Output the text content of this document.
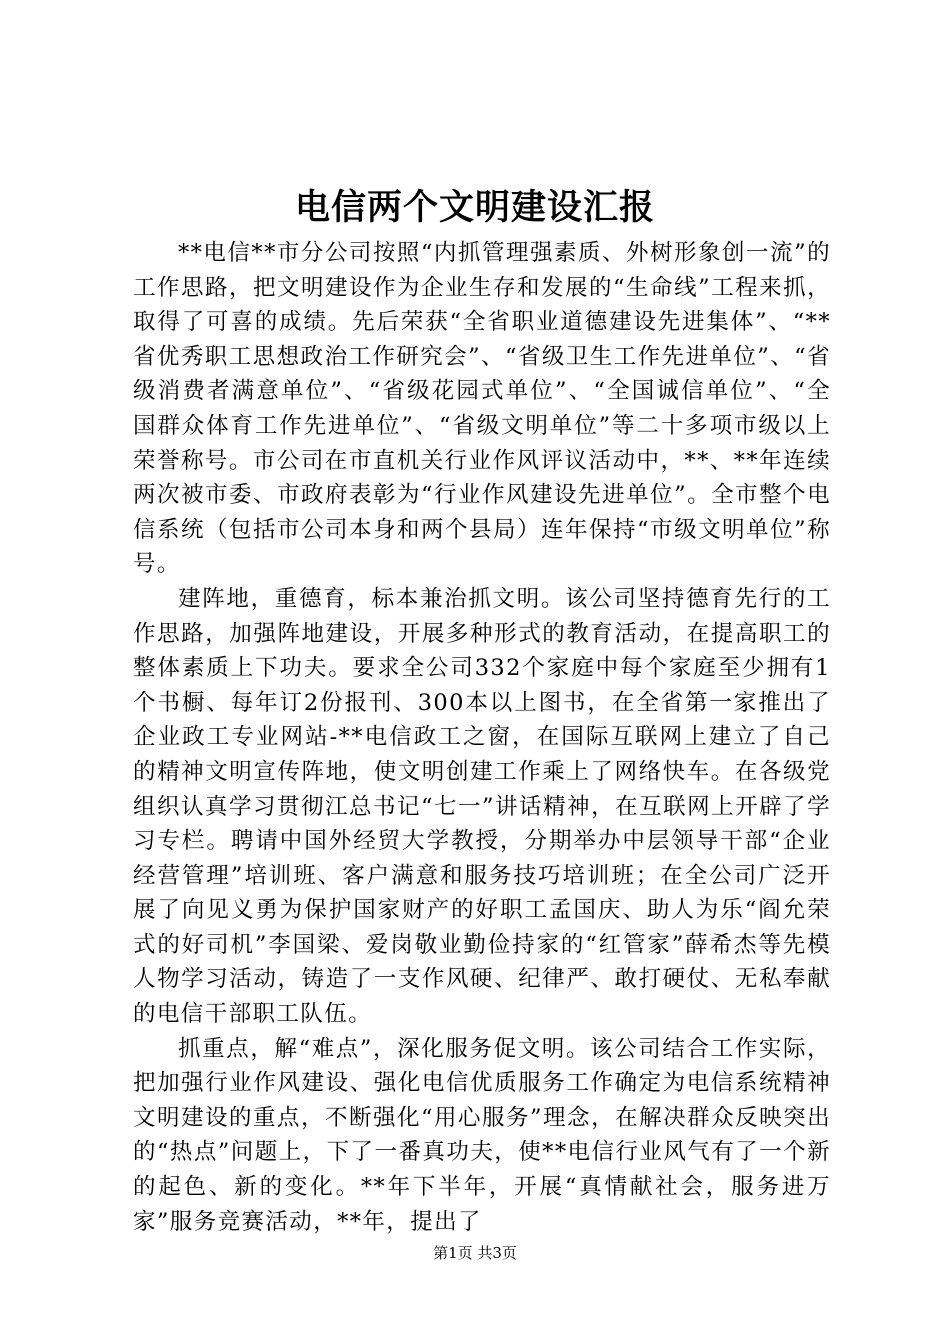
电信两个文明建设汇报

**电信**市分公司按照“内抓管理强素质、外树形象创一流”的工作思路，把文明建设作为企业生存和发展的“生命线”工程来抓，取得了可喜的成绩。先后荣获“全省职业道德建设先进集体”、“**省优秀职工思想政治工作研究会”、“省级卫生工作先进单位”、“省级消费者满意单位”、“省级花园式单位”、“全国诚信单位”、“全国群众体育工作先进单位”、“省级文明单位”等二十多项市级以上荣誉称号。市公司在市直机关行业作风评议活动中，**、**年连续两次被市委、市政府表彰为“行业作风建设先进单位”。全市整个电信系统（包括市公司本身和两个县局）连年保持“市级文明单位”称号。

建阵地，重德育，标本兼治抓文明。该公司坚持德育先行的工作思路，加强阵地建设，开展多种形式的教育活动，在提高职工的整体素质上下功夫。要求全公司332个家庭中每个家庭至少拥有1个书橱、每年订2份报刊、300本以上图书，在全省第一家推出了企业政工专业网站-**电信政工之窗，在国际互联网上建立了自己的精神文明宣传阵地，使文明创建工作乘上了网络快车。在各级党组织认真学习贯彻江总书记“七一”讲话精神，在互联网上开辟了学习专栏。聘请中国外经贸大学教授，分期举办中层领导干部“企业经营管理”培训班、客户满意和服务技巧培训班；在全公司广泛开展了向见义勇为保护国家财产的好职工孟国庆、助人为乐“阎允荣式的好司机”李国梁、爱岗敬业勤俭持家的“红管家”薛希杰等先模人物学习活动，铸造了一支作风硬、纪律严、敢打硬仗、无私奉献的电信干部职工队伍。

抓重点，解“难点”，深化服务促文明。该公司结合工作实际，把加强行业作风建设、强化电信优质服务工作确定为电信系统精神文明建设的重点，不断强化“用心服务”理念，在解决群众反映突出的“热点”问题上，下了一番真功夫，使**电信行业风气有了一个新的起色、新的变化。**年下半年，开展“真情献社会，服务进万家”服务竞赛活动，**年，提出了

第1页 共3页
